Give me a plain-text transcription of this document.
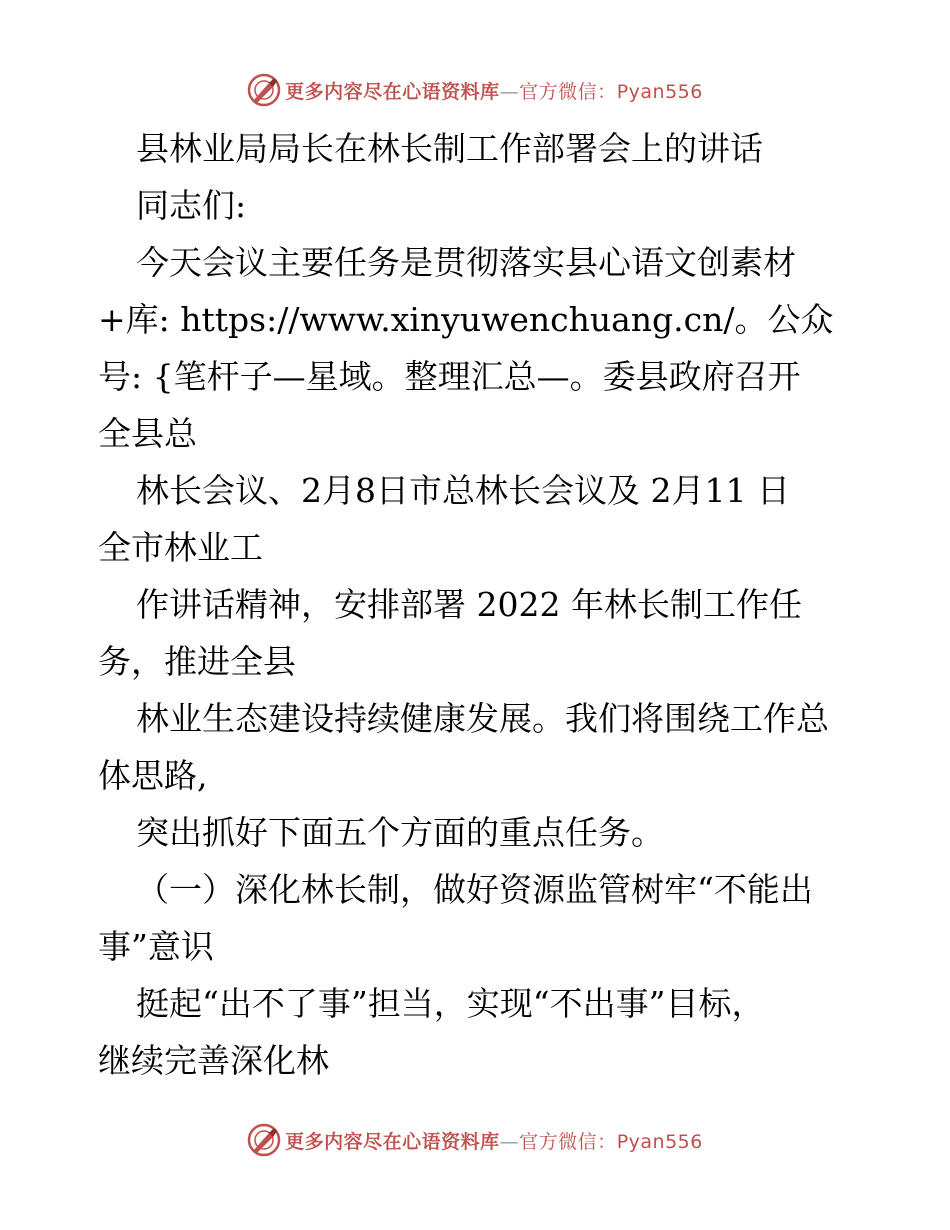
更多内容尽在心语资料库—官方微信：Pyan556
县林业局局长在林长制工作部署会上的讲话
同志们:
今天会议主要任务是贯彻落实县心语文创素材
+库: https://www.xinyuwenchuang.cn/。公众
号: {笔杆子—星域。整理汇总—。委县政府召开
全县总
林长会议、2月8日市总林长会议及 2月11 日
全市林业工
作讲话精神，安排部署 2022 年林长制工作任
务，推进全县
林业生态建设持续健康发展。我们将围绕工作总
体思路,
突出抓好下面五个方面的重点任务。
（一）深化林长制，做好资源监管树牢“不能出
事”意识
挺起“出不了事”担当，实现“不出事”目标，
继续完善深化林
更多内容尽在心语资料库—官方微信：Pyan556
